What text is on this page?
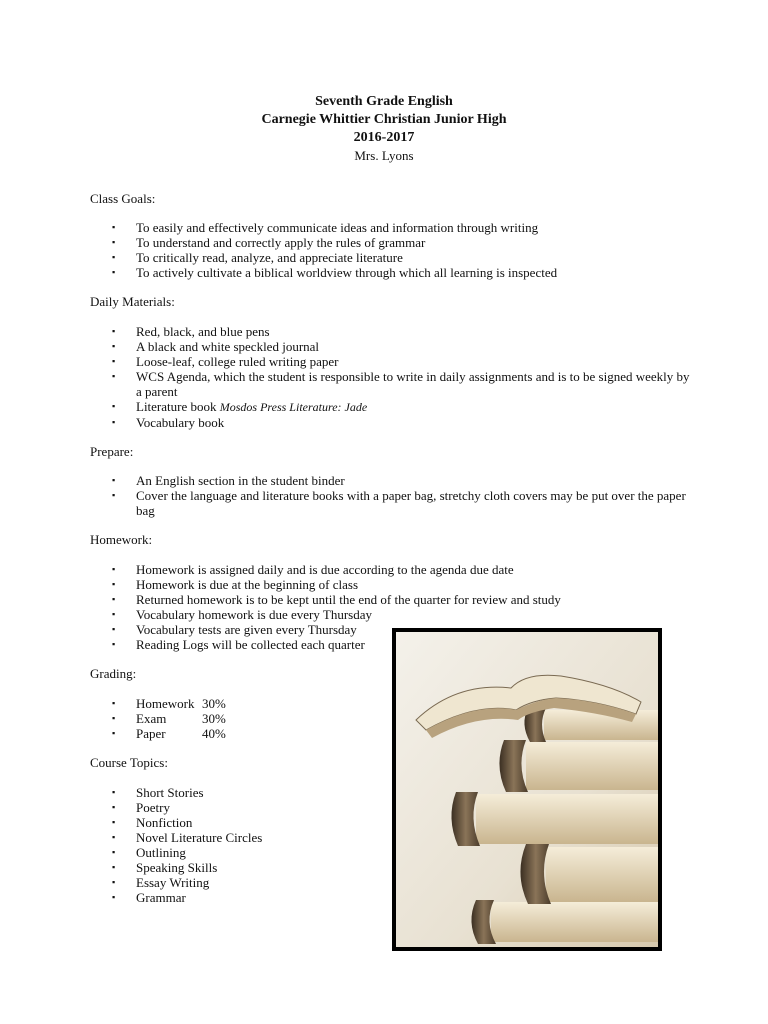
Seventh Grade English
Carnegie Whittier Christian Junior High
2016-2017
Mrs. Lyons
Class Goals:
▪ To easily and effectively communicate ideas and information through writing
▪ To understand and correctly apply the rules of grammar
▪ To critically read, analyze, and appreciate literature
▪ To actively cultivate a biblical worldview through which all learning is inspected
Daily Materials:
▪ Red, black, and blue pens
▪ A black and white speckled journal
▪ Loose-leaf, college ruled writing paper
▪ WCS Agenda, which the student is responsible to write in daily assignments and is to be signed weekly by
a parent
▪ Literature book Mosdos Press Literature: Jade
▪ Vocabulary book
Prepare:
▪ An English section in the student binder
▪ Cover the language and literature books with a paper bag, stretchy cloth covers may be put over the paper
bag
Homework:
▪ Homework is assigned daily and is due according to the agenda due date
▪ Homework is due at the beginning of class
▪ Returned homework is to be kept until the end of the quarter for review and study
▪ Vocabulary homework is due every Thursday
▪ Vocabulary tests are given every Thursday
▪ Reading Logs will be collected each quarter
Grading:
▪ Homework 30%
▪ Exam	30%
▪ Paper	40%
Course Topics:
▪ Short Stories
▪ Poetry
▪ Nonfiction
▪ Novel Literature Circles
▪ Outlining
▪ Speaking Skills
▪ Essay Writing
▪ Grammar
